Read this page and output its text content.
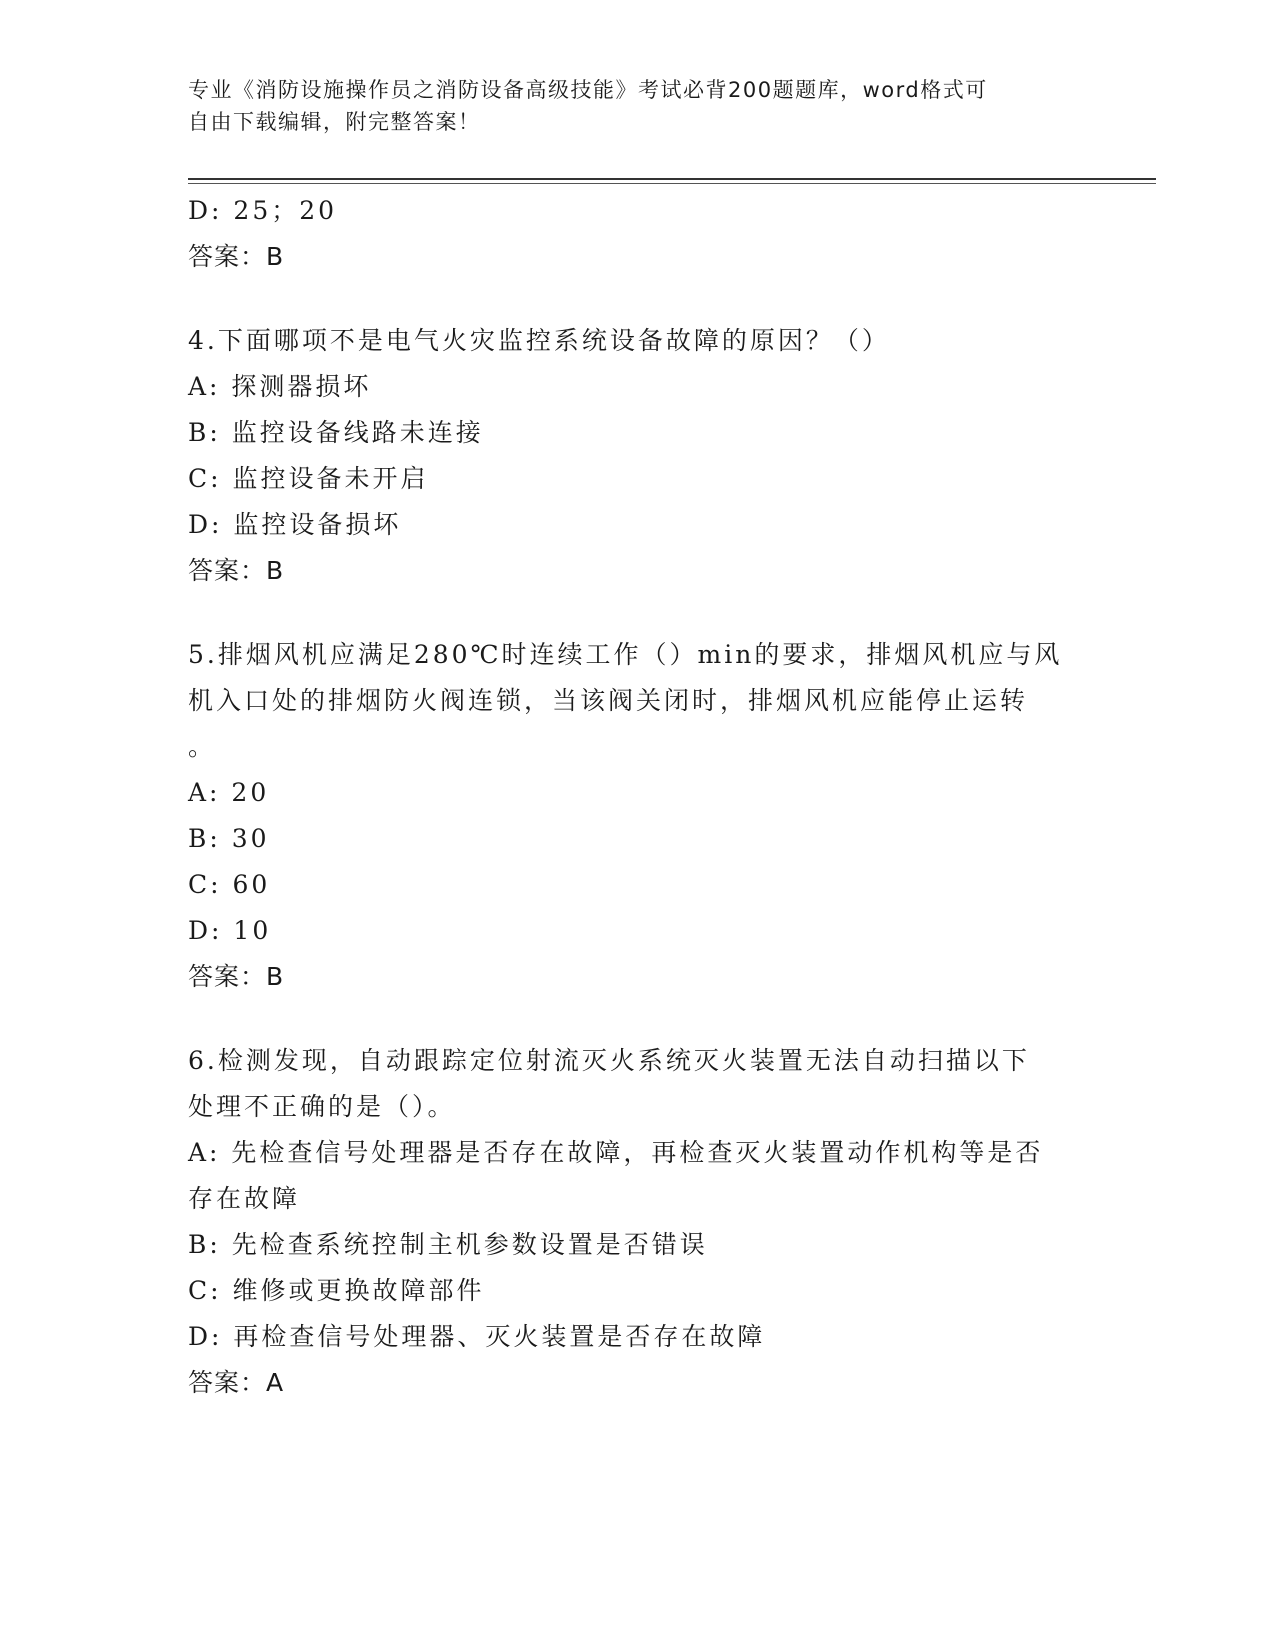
专业《消防设施操作员之消防设备高级技能》考试必背200题题库，word格式可
自由下载编辑，附完整答案！
D: 25；20
答案：B
4.下面哪项不是电气火灾监控系统设备故障的原因？（）
A: 探测器损坏
B: 监控设备线路未连接
C: 监控设备未开启
D: 监控设备损坏
答案：B
5.排烟风机应满足280℃时连续工作（）min的要求，排烟风机应与风
机入口处的排烟防火阀连锁，当该阀关闭时，排烟风机应能停止运转
。
A: 20
B: 30
C: 60
D: 10
答案：B
6.检测发现，自动跟踪定位射流灭火系统灭火装置无法自动扫描以下
处理不正确的是（）。
A: 先检查信号处理器是否存在故障，再检查灭火装置动作机构等是否
存在故障
B: 先检查系统控制主机参数设置是否错误
C: 维修或更换故障部件
D: 再检查信号处理器、灭火装置是否存在故障
答案：A
